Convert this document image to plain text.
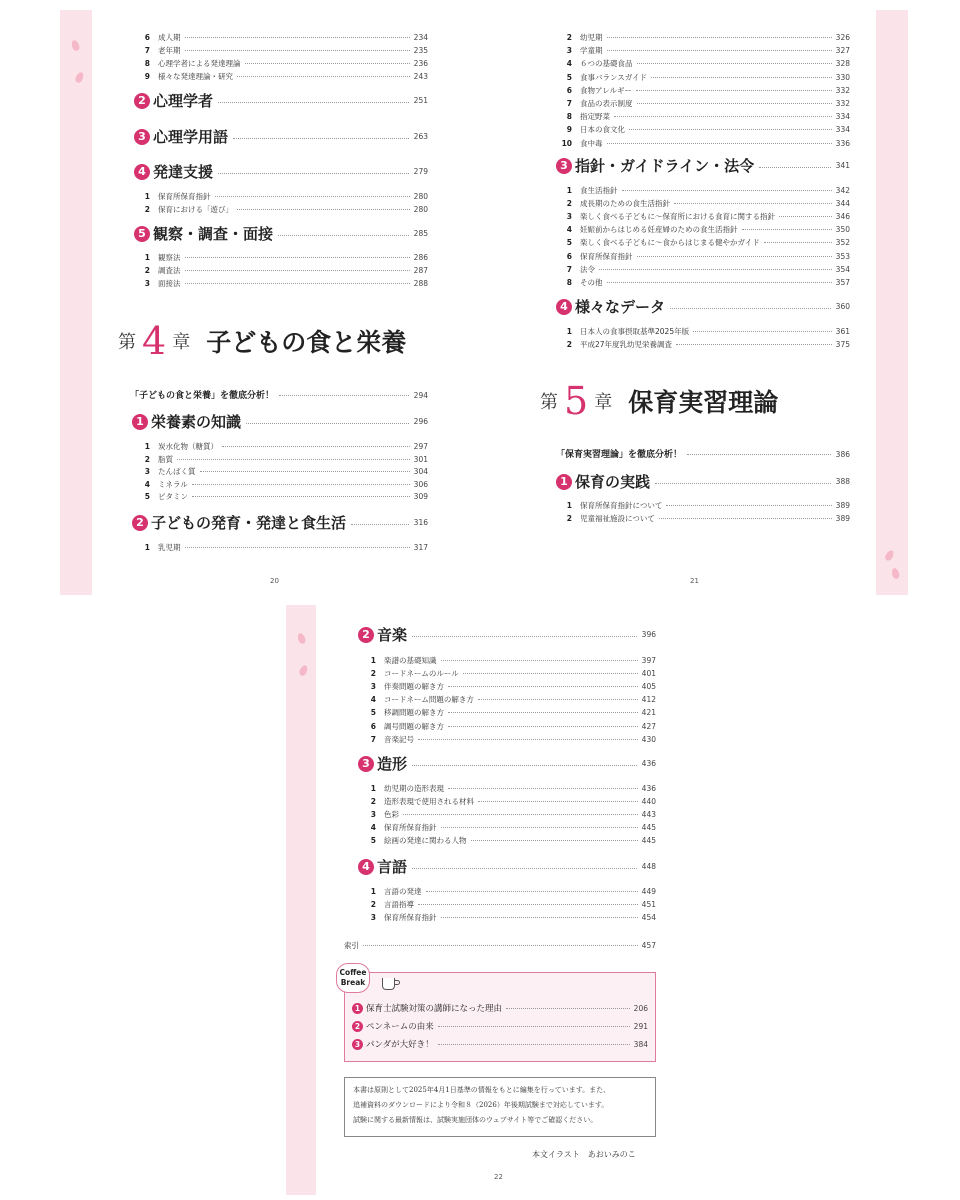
6 成人期	234
7 老年期	235
8 心理学者による発達理論	236
9 様々な発達理論・研究	243
2 心理学者	251
3 心理学用語	263
4 発達支援	279
1 保育所保育指針	280
2 保育における「遊び」	280
5 観察・調査・面接	285
1 観察法	286
2 調査法	287
3 面接法	288
第 4 章 子どもの食と栄養
「子どもの食と栄養」を徹底分析！	294
1 栄養素の知識	296
1 炭水化物（糖質）	297
2 脂質	301
3 たんぱく質	304
4 ミネラル	306
5 ビタミン	309
2 子どもの発育・発達と食生活	316
1 乳児期	317
20
2 幼児期	326
3 学童期	327
4 ６つの基礎食品	328
5 食事バランスガイド	330
6 食物アレルギー	332
7 食品の表示制度	332
8 指定野菜	334
9 日本の食文化	334
10 食中毒	336
3 指針・ガイドライン・法令	341
1 食生活指針	342
2 成長期のための食生活指針	344
3 楽しく食べる子どもに～保育所における食育に関する指針	346
4 妊娠前からはじめる妊産婦のための食生活指針	350
5 楽しく食べる子どもに～食からはじまる健やかガイド	352
6 保育所保育指針	353
7 法令	354
8 その他	357
4 様々なデータ	360
1 日本人の食事摂取基準2025年版	361
2 平成27年度乳幼児栄養調査	375
第 5 章 保育実習理論
「保育実習理論」を徹底分析！	386
1 保育の実践	388
1 保育所保育指針について	389
2 児童福祉施設について	389
21
2 音楽	396
1 楽譜の基礎知識	397
2 コードネームのルール	401
3 伴奏問題の解き方	405
4 コードネーム問題の解き方	412
5 移調問題の解き方	421
6 調号問題の解き方	427
7 音楽記号	430
3 造形	436
1 幼児期の造形表現	436
2 造形表現で使用される材料	440
3 色彩	443
4 保育所保育指針	445
5 絵画の発達に関わる人物	445
4 言語	448
1 言語の発達	449
2 言語指導	451
3 保育所保育指針	454
索引	457
Coffee
Break
1 保育士試験対策の講師になった理由	206
2 ペンネームの由来	291
3 パンダが大好き！	384
本書は原則として2025年4月1日基準の情報をもとに編集を行っています。また、
追補資料のダウンロードにより令和８（2026）年後期試験まで対応しています。
試験に関する最新情報は、試験実施団体のウェブサイト等でご確認ください。
本文イラスト　あおいみのこ
22
